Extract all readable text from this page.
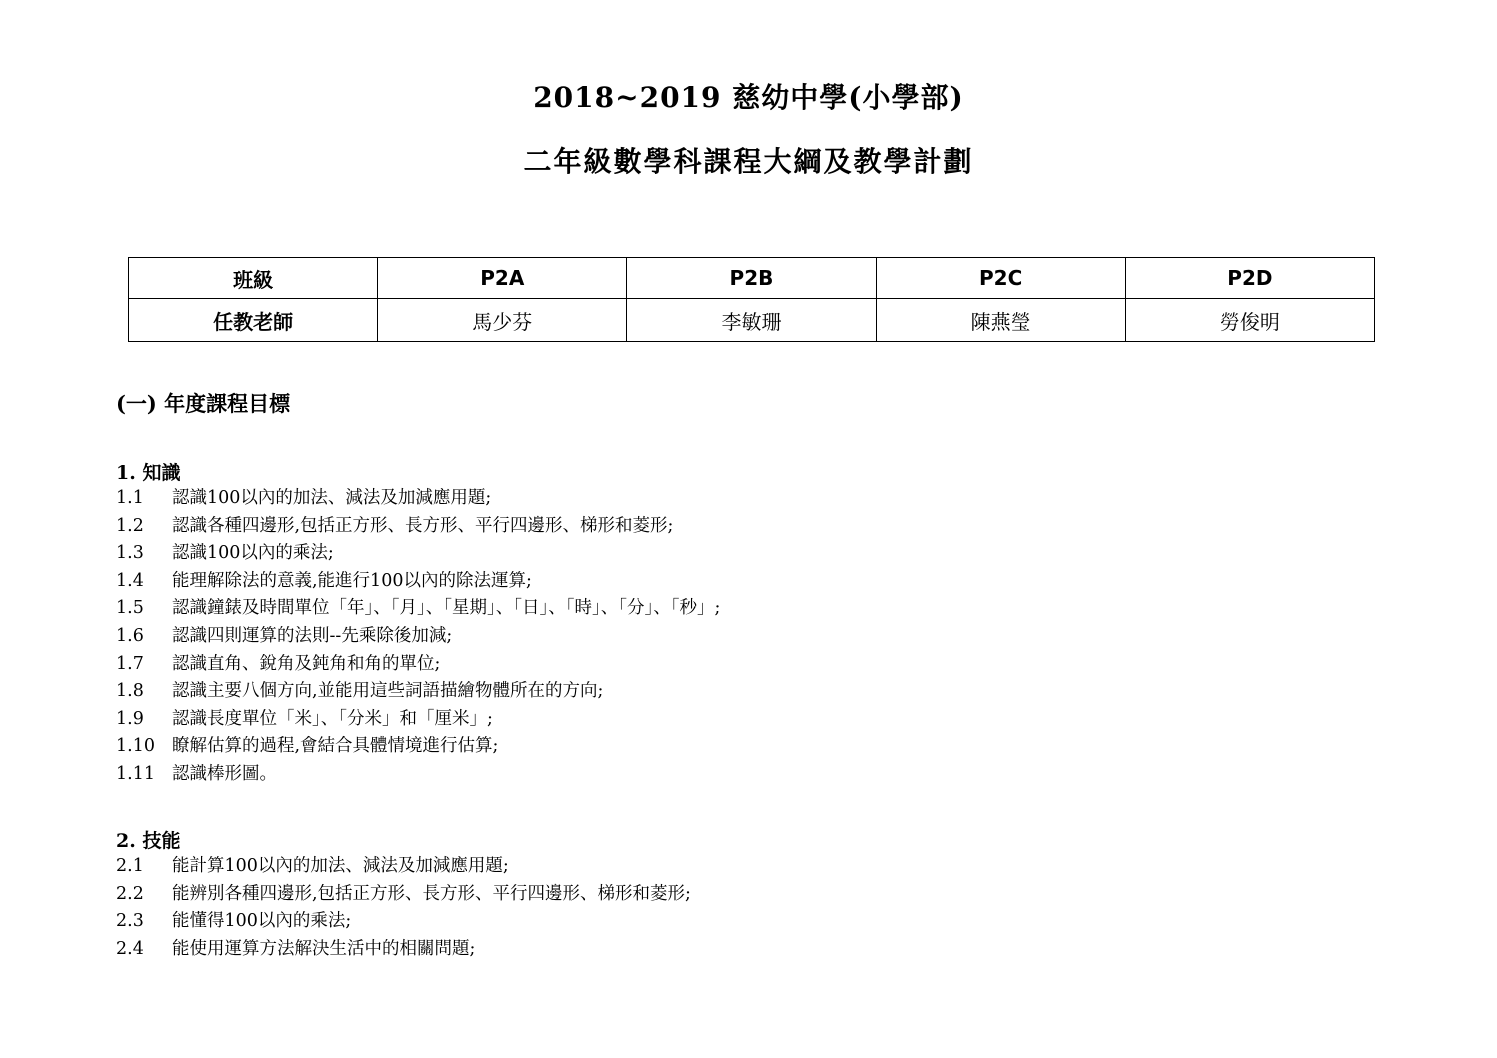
2018~2019 慈幼中學(小學部)
二年級數學科課程大綱及教學計劃
班級	P2A	P2B	P2C	P2D
任教老師	馬少芬	李敏珊	陳燕瑩	勞俊明
(一) 年度課程目標
1. 知識
1.1 認識100以內的加法、減法及加減應用題;
1.2 認識各種四邊形,包括正方形、長方形、平行四邊形、梯形和菱形;
1.3 認識100以內的乘法;
1.4 能理解除法的意義,能進行100以內的除法運算;
1.5 認識鐘錶及時間單位「年」、「月」、「星期」、「日」、「時」、「分」、「秒」;
1.6 認識四則運算的法則--先乘除後加減;
1.7 認識直角、銳角及鈍角和角的單位;
1.8 認識主要八個方向,並能用這些詞語描繪物體所在的方向;
1.9 認識長度單位「米」、「分米」和「厘米」;
1.10 瞭解估算的過程,會結合具體情境進行估算;
1.11 認識棒形圖。
2. 技能
2.1 能計算100以內的加法、減法及加減應用題;
2.2 能辨別各種四邊形,包括正方形、長方形、平行四邊形、梯形和菱形;
2.3 能懂得100以內的乘法;
2.4 能使用運算方法解決生活中的相關問題;
